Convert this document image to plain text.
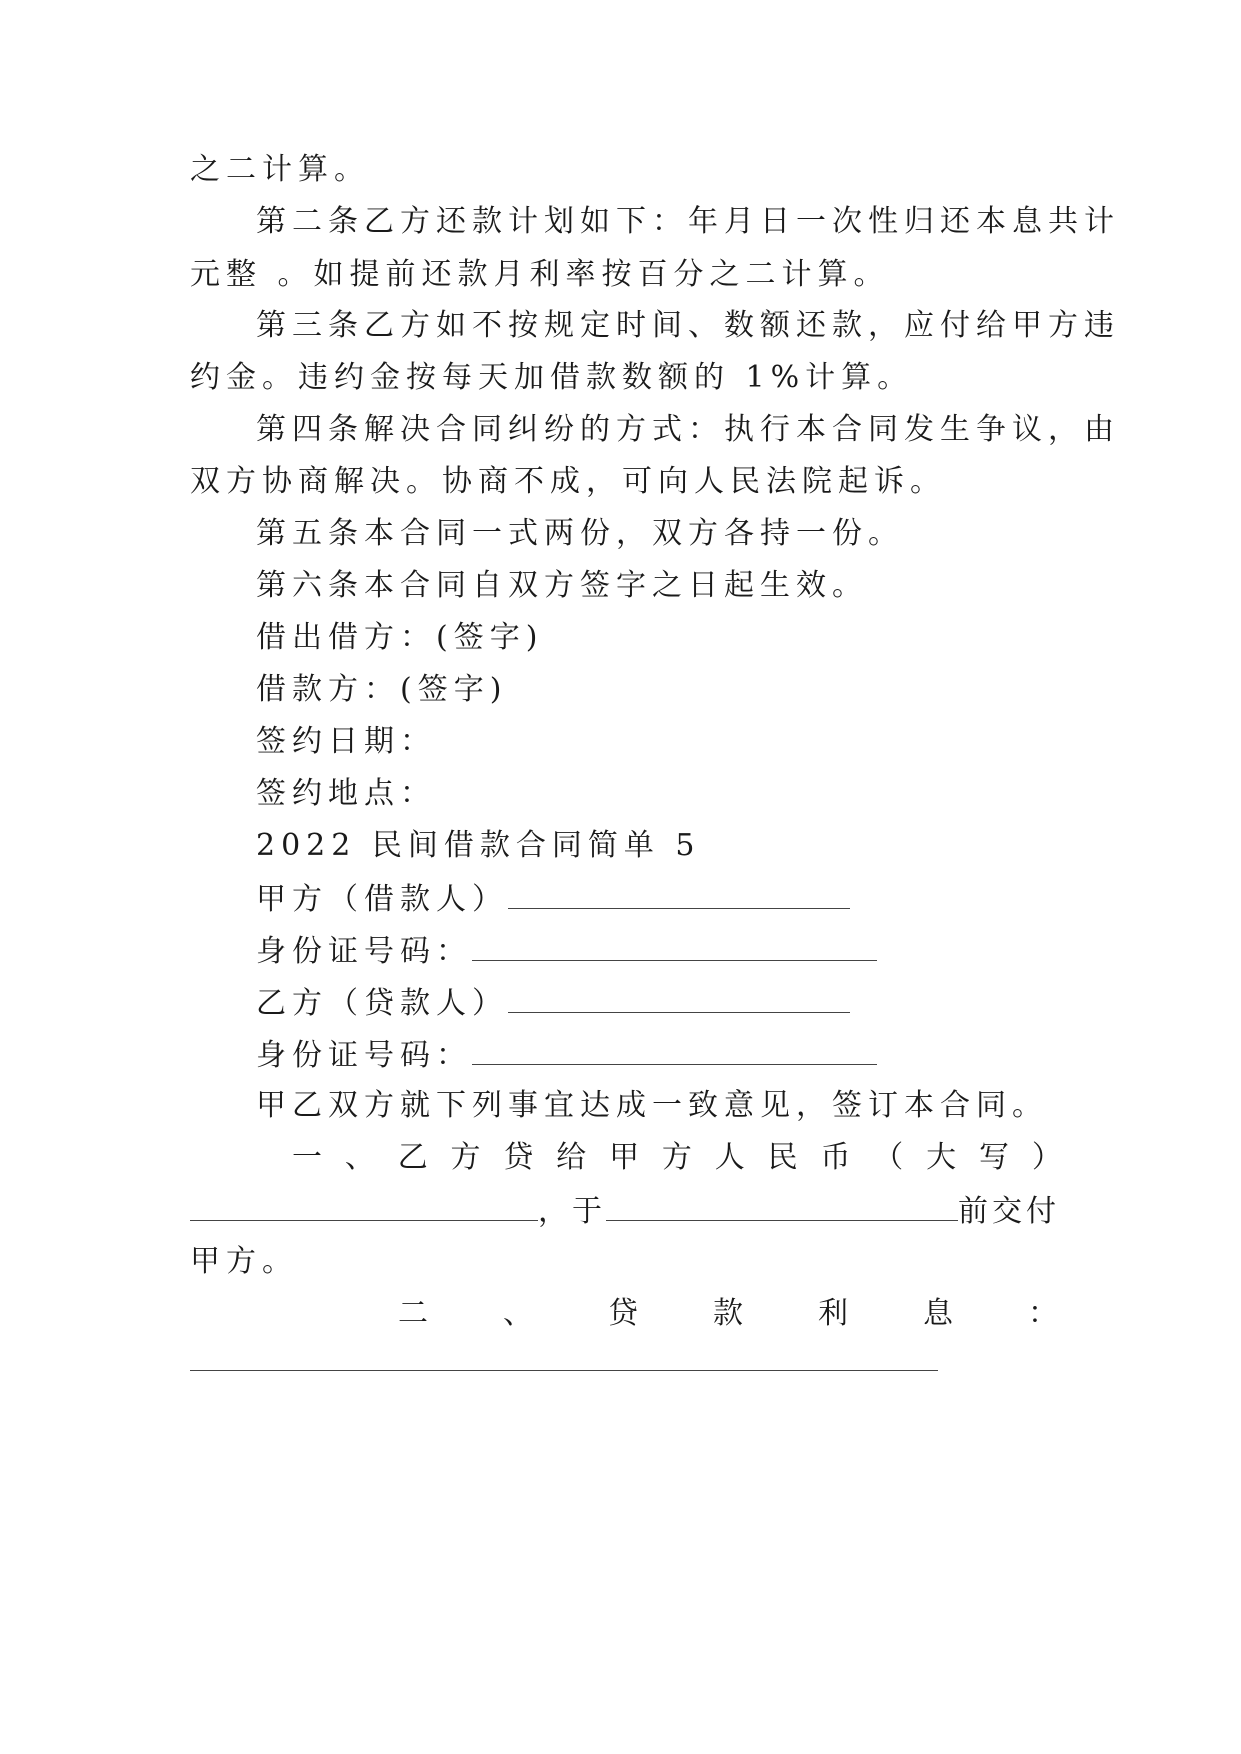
之二计算。
第二条乙方还款计划如下：年月日一次性归还本息共计
元整 。如提前还款月利率按百分之二计算。
第三条乙方如不按规定时间、数额还款，应付给甲方违
约金。违约金按每天加借款数额的 1%计算。
第四条解决合同纠纷的方式：执行本合同发生争议，由
双方协商解决。协商不成，可向人民法院起诉。
第五条本合同一式两份，双方各持一份。
第六条本合同自双方签字之日起生效。
借出借方：(签字)
借款方：(签字)
签约日期：
签约地点：
2022 民间借款合同简单 5
甲方（借款人）
身份证号码：
乙方（贷款人）
身份证号码：
甲乙双方就下列事宜达成一致意见，签订本合同。
一 、 乙 方 贷 给 甲 方 人 民 币 （ 大 写 ）
，于	前交付
甲方。
二	、	贷	款	利	息	：
